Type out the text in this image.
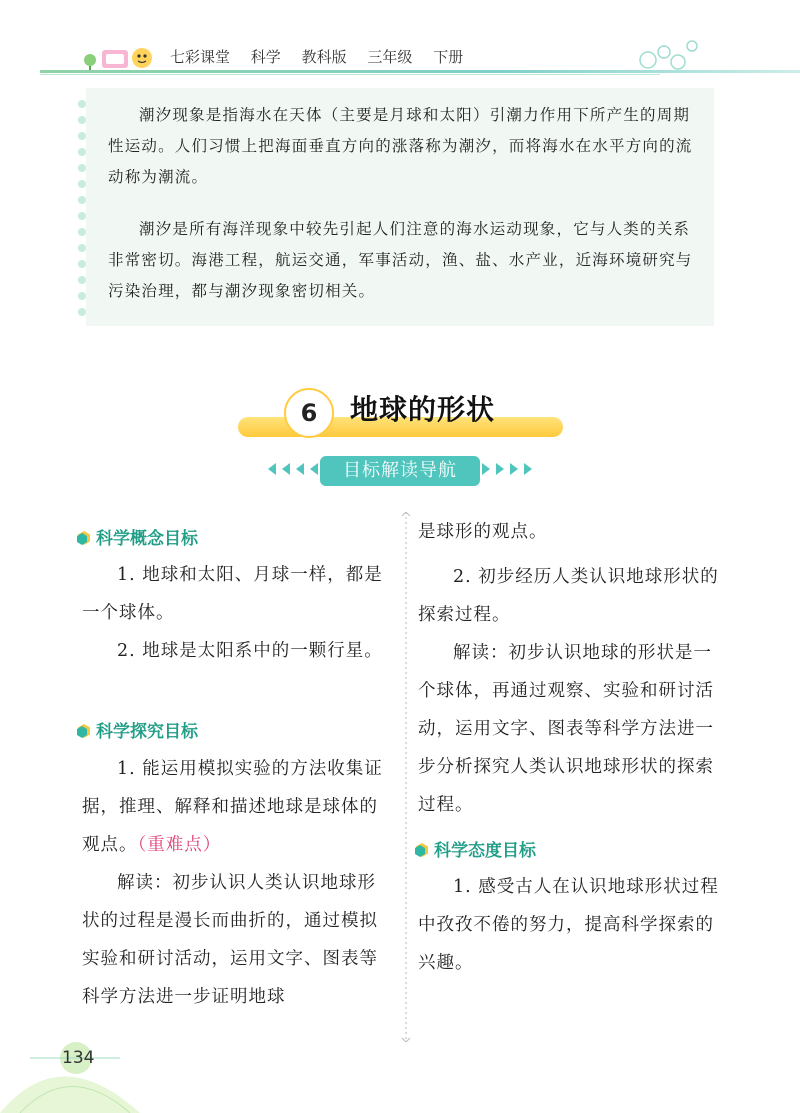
七彩课堂 科学 教科版 三年级 下册
潮汐现象是指海水在天体（主要是月球和太阳）引潮力作用下所产生的周期性运动。人们习惯上把海面垂直方向的涨落称为潮汐，而将海水在水平方向的流动称为潮流。
潮汐是所有海洋现象中较先引起人们注意的海水运动现象，它与人类的关系非常密切。海港工程，航运交通，军事活动，渔、盐、水产业，近海环境研究与污染治理，都与潮汐现象密切相关。
6	地球的形状
目标解读导航
科学概念目标
1. 地球和太阳、月球一样，都是一个球体。
2. 地球是太阳系中的一颗行星。
科学探究目标
1. 能运用模拟实验的方法收集证据，推理、解释和描述地球是球体的观点。（重难点）
解读：初步认识人类认识地球形状的过程是漫长而曲折的，通过模拟实验和研讨活动，运用文字、图表等科学方法进一步证明地球
是球形的观点。
2. 初步经历人类认识地球形状的探索过程。
解读：初步认识地球的形状是一个球体，再通过观察、实验和研讨活动，运用文字、图表等科学方法进一步分析探究人类认识地球形状的探索过程。
科学态度目标
1. 感受古人在认识地球形状过程中孜孜不倦的努力，提高科学探索的兴趣。
134
